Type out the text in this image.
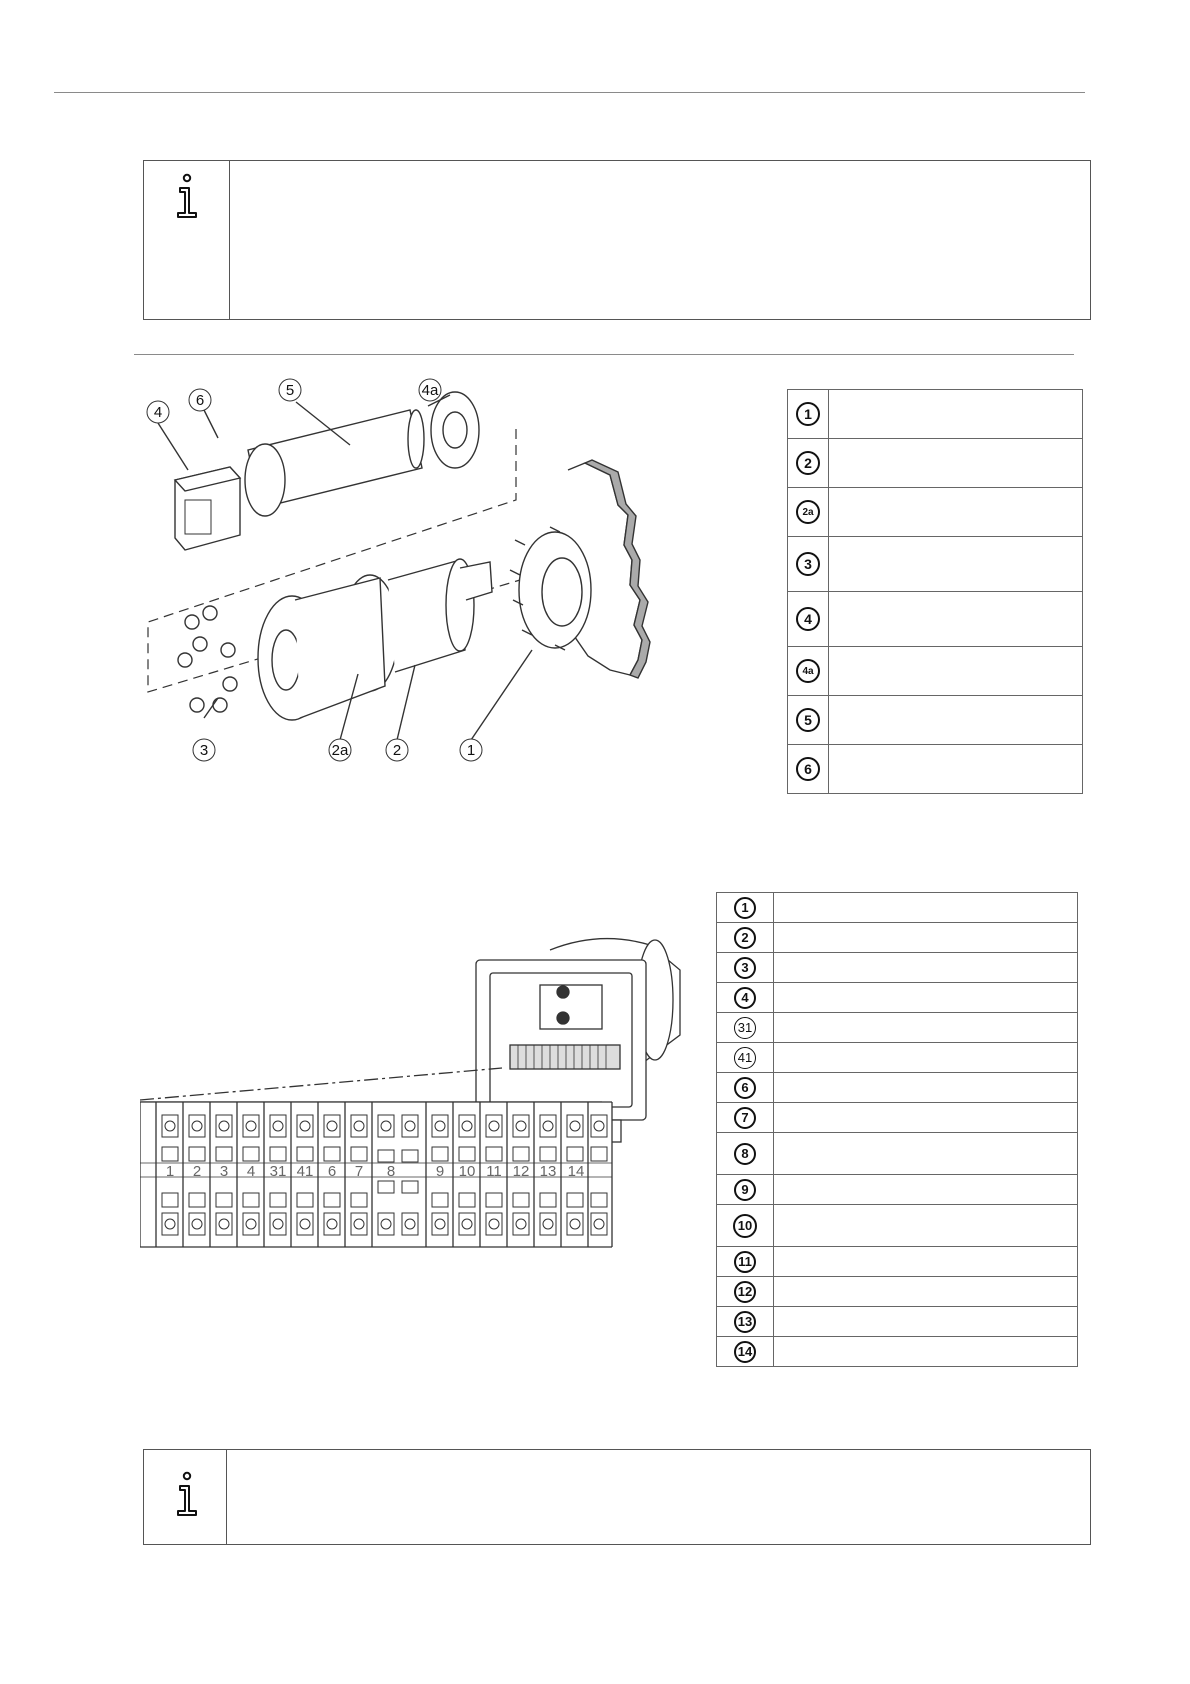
4a
5
6
4
3	2a	2	1
1	
2	
2a	
3	
4	
4a	
5	
6	
1 2 3 4 31 41 6 7 8	9 10 11 12 13 14
1	
2	
3	
4	
31	
41	
6	
7	
8	
9	
10	
11	
12	
13	
14	
